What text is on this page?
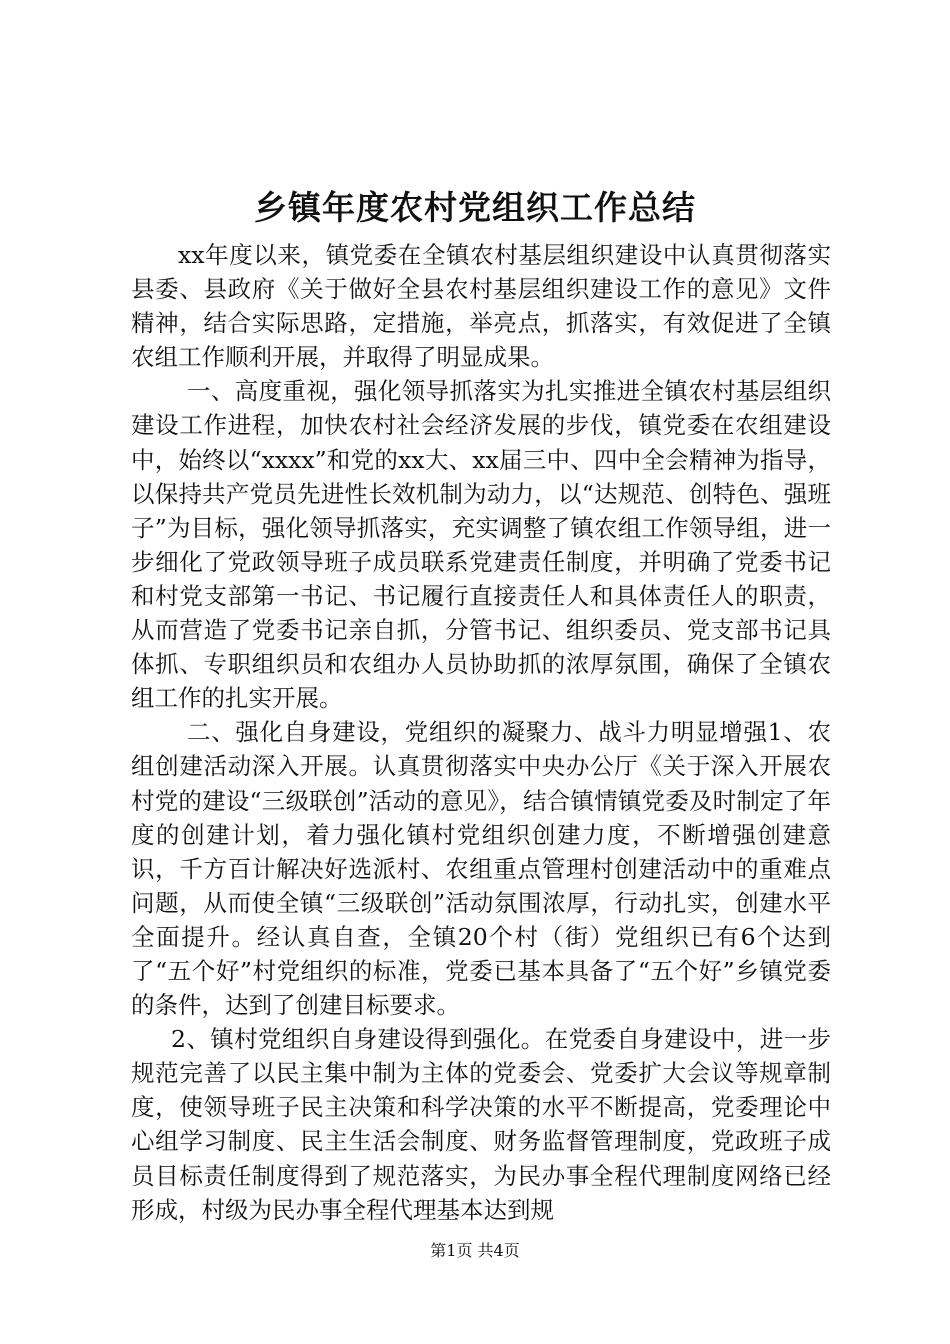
乡镇年度农村党组织工作总结

xx年度以来，镇党委在全镇农村基层组织建设中认真贯彻落实县委、县政府《关于做好全县农村基层组织建设工作的意见》文件精神，结合实际思路，定措施，举亮点，抓落实，有效促进了全镇农组工作顺利开展，并取得了明显成果。

一、高度重视，强化领导抓落实为扎实推进全镇农村基层组织建设工作进程，加快农村社会经济发展的步伐，镇党委在农组建设中，始终以“xxxx”和党的xx大、xx届三中、四中全会精神为指导，以保持共产党员先进性长效机制为动力，以“达规范、创特色、强班子”为目标，强化领导抓落实，充实调整了镇农组工作领导组，进一步细化了党政领导班子成员联系党建责任制度，并明确了党委书记和村党支部第一书记、书记履行直接责任人和具体责任人的职责，从而营造了党委书记亲自抓，分管书记、组织委员、党支部书记具体抓、专职组织员和农组办人员协助抓的浓厚氛围，确保了全镇农组工作的扎实开展。

二、强化自身建设，党组织的凝聚力、战斗力明显增强1、农组创建活动深入开展。认真贯彻落实中央办公厅《关于深入开展农村党的建设“三级联创”活动的意见》，结合镇情镇党委及时制定了年度的创建计划，着力强化镇村党组织创建力度，不断增强创建意识，千方百计解决好选派村、农组重点管理村创建活动中的重难点问题，从而使全镇“三级联创”活动氛围浓厚，行动扎实，创建水平全面提升。经认真自查，全镇20个村（街）党组织已有6个达到了“五个好”村党组织的标准，党委已基本具备了“五个好”乡镇党委的条件，达到了创建目标要求。

2、镇村党组织自身建设得到强化。在党委自身建设中，进一步规范完善了以民主集中制为主体的党委会、党委扩大会议等规章制度，使领导班子民主决策和科学决策的水平不断提高，党委理论中心组学习制度、民主生活会制度、财务监督管理制度，党政班子成员目标责任制度得到了规范落实，为民办事全程代理制度网络已经形成，村级为民办事全程代理基本达到规

第1页 共4页
